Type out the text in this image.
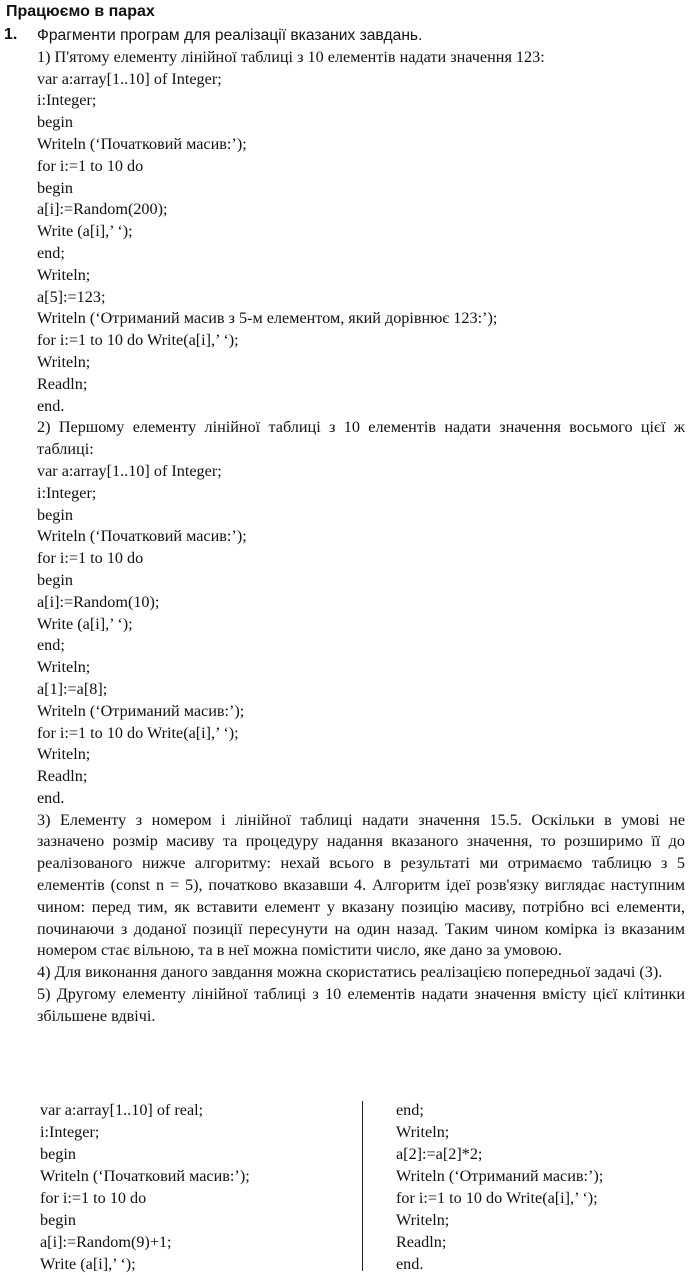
Працюємо в парах
1. Фрагменти програм для реалізації вказаних завдань.
1) П'ятому елементу лінійної таблиці з 10 елементів надати значення 123:
var a:array[1..10] of Integer;
i:Integer;
begin
Writeln (‘Початковий масив:’);
for i:=1 to 10 do
begin
a[i]:=Random(200);
Write (a[i],’ ‘);
end;
Writeln;
a[5]:=123;
Writeln (‘Отриманий масив з 5-м елементом, який дорівнює 123:’);
for i:=1 to 10 do Write(a[i],’ ‘);
Writeln;
Readln;
end.
2) Першому елементу лінійної таблиці з 10 елементів надати значення восьмого цієї ж таблиці:
var a:array[1..10] of Integer;
i:Integer;
begin
Writeln (‘Початковий масив:’);
for i:=1 to 10 do
begin
a[i]:=Random(10);
Write (a[i],’ ‘);
end;
Writeln;
a[1]:=a[8];
Writeln (‘Отриманий масив:’);
for i:=1 to 10 do Write(a[i],’ ‘);
Writeln;
Readln;
end.
3) Елементу з номером і лінійної таблиці надати значення 15.5. Оскільки в умові не зазначено розмір масиву та процедуру надання вказаного значення, то розширимо її до реалізованого нижче алгоритму: нехай всього в результаті ми отримаємо таблицю з 5 елементів (const n = 5), початково вказавши 4. Алгоритм ідеї розв'язку виглядає наступним чином: перед тим, як вставити елемент у вказану позицію масиву, потрібно всі елементи, починаючи з доданої позиції пересунути на один назад. Таким чином комірка із вказаним номером стає вільною, та в неї можна помістити число, яке дано за умовою.
4) Для виконання даного завдання можна скористатись реалізацією попередньої задачі (3).
5) Другому елементу лінійної таблиці з 10 елементів надати значення вмісту цієї клітинки збільшене вдвічі.
var a:array[1..10] of real;
i:Integer;
begin
Writeln (‘Початковий масив:’);
for i:=1 to 10 do
begin
a[i]:=Random(9)+1;
Write (a[i],’ ‘);
end;
Writeln;
a[2]:=a[2]*2;
Writeln (‘Отриманий масив:’);
for i:=1 to 10 do Write(a[i],’ ‘);
Writeln;
Readln;
end.
